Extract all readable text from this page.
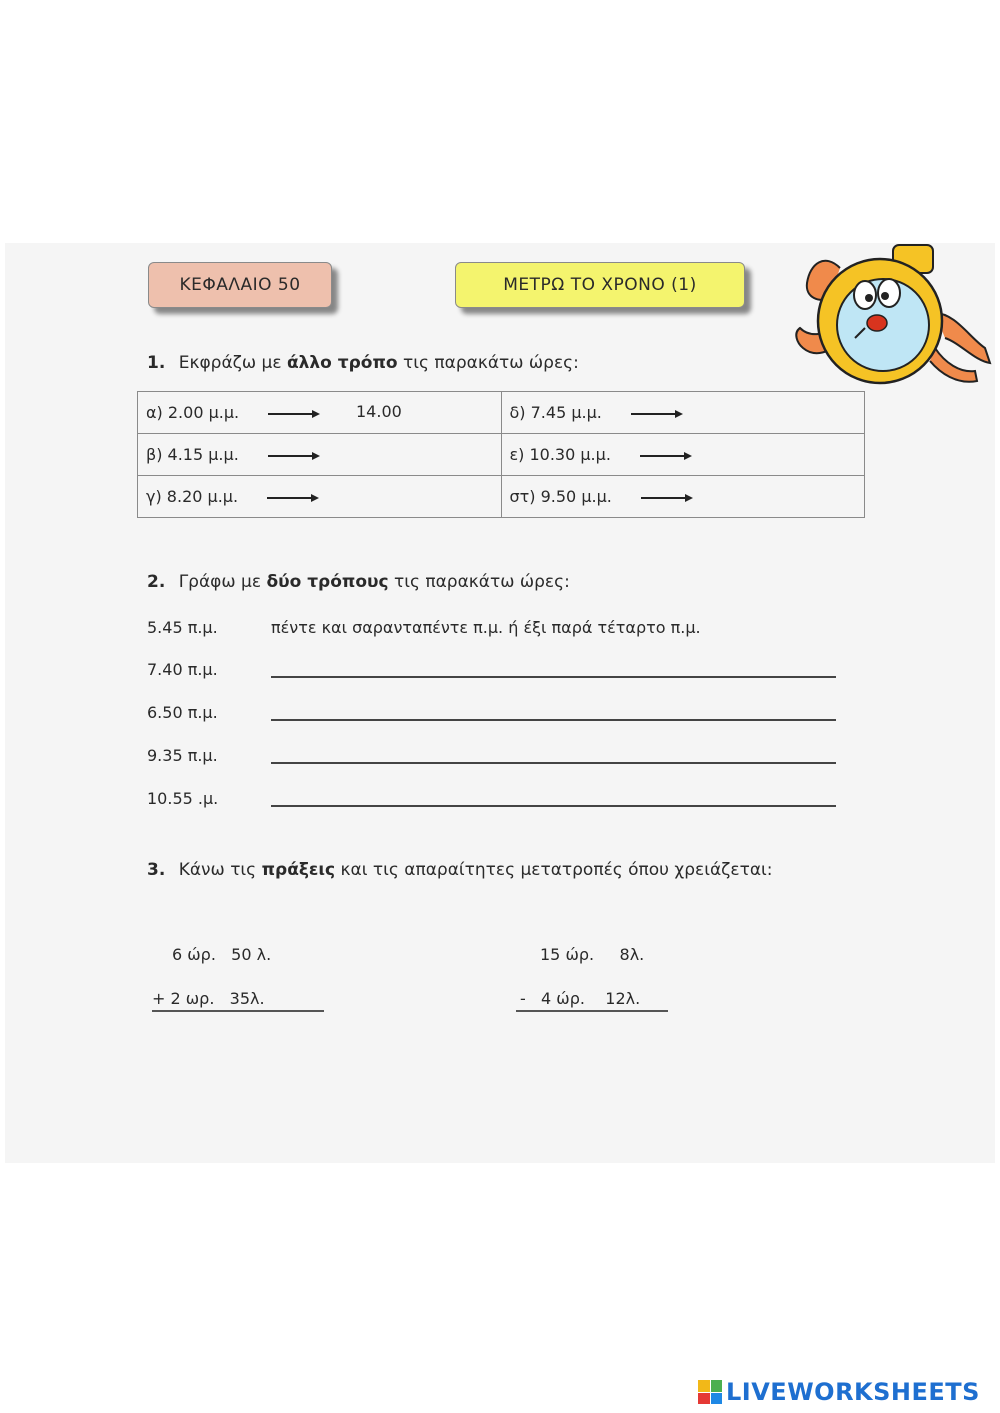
ΚΕΦΑΛΑΙΟ 50	ΜΕΤΡΩ ΤΟ ΧΡΟΝΟ (1)
1. Εκφράζω με άλλο τρόπο τις παρακάτω ώρες:
α) 2.00 μ.μ. 14.00	δ) 7.45 μ.μ.

β) 4.15 μ.μ.	ε) 10.30 μ.μ.

γ) 8.20 μ.μ.	στ) 9.50 μ.μ.
2. Γράφω με δύο τρόπους τις παρακάτω ώρες:
5.45 π.μ.	πέντε και σαρανταπέντε π.μ. ή έξι παρά τέταρτο π.μ.
7.40 π.μ.
6.50 π.μ.
9.35 π.μ.
10.55 .μ.
3. Κάνω τις πράξεις και τις απαραίτητες μετατροπές όπου χρειάζεται:
6 ώρ.   50 λ.
+ 2 ωρ.   35λ.
15 ώρ.     8λ.
-   4 ώρ.    12λ.
LIVEWORKSHEETS
